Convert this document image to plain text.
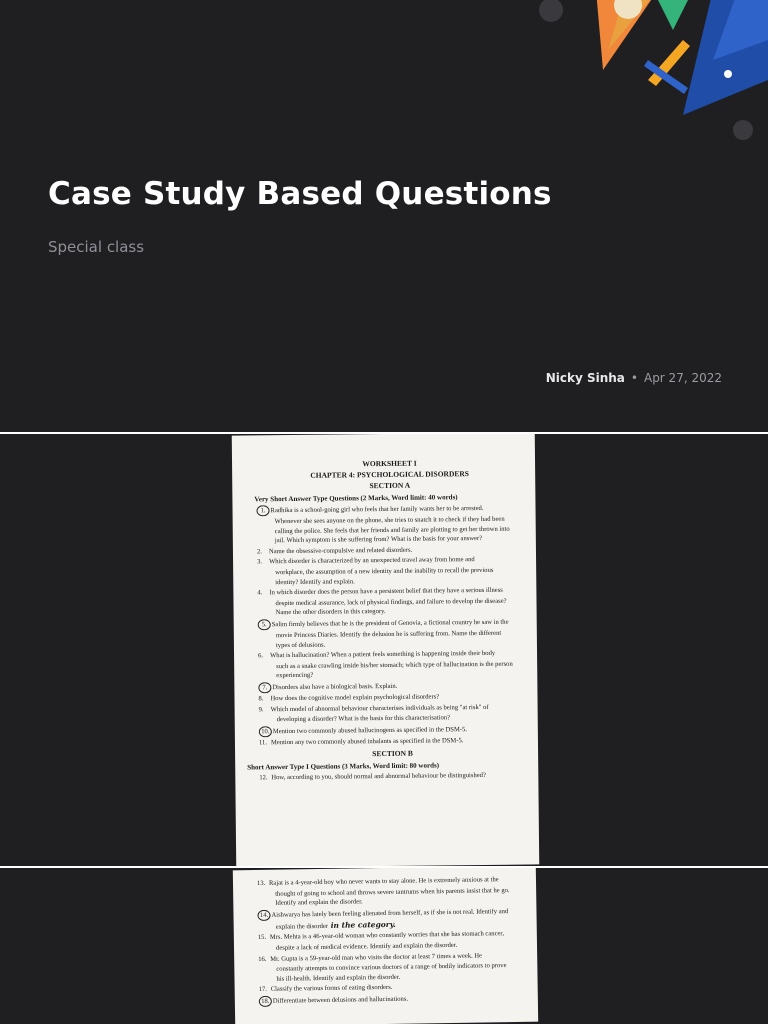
Case Study Based Questions
Special class
Nicky Sinha • Apr 27, 2022
WORKSHEET I
CHAPTER 4: PSYCHOLOGICAL DISORDERS
SECTION A
Very Short Answer Type Questions (2 Marks, Word limit: 40 words)
1. Radhika is a school-going girl who feels that her family wants her to be arrested.
Whenever she sees anyone on the phone, she tries to snatch it to check if they had been
calling the police. She feels that her friends and family are plotting to get her thrown into
jail. Which symptom is she suffering from? What is the basis for your answer?
2. Name the obsessive-compulsive and related disorders.
3. Which disorder is characterized by an unexpected travel away from home and
workplace, the assumption of a new identity and the inability to recall the previous
identity? Identify and explain.
4. In which disorder does the person have a persistent belief that they have a serious illness
despite medical assurance, lack of physical findings, and failure to develop the disease?
Name the other disorders in this category.
5. Salim firmly believes that he is the president of Genovia, a fictional country he saw in the
movie Princess Diaries. Identify the delusion he is suffering from. Name the different
types of delusions.
6. What is hallucination? When a patient feels something is happening inside their body
such as a snake crawling inside his/her stomach; which type of hallucination is the person
experiencing?
7. Disorders also have a biological basis. Explain.
8. How does the cognitive model explain psychological disorders?
9. Which model of abnormal behaviour characterises individuals as being "at risk" of
developing a disorder? What is the basis for this characterisation?
10. Mention two commonly abused hallucinogens as specified in the DSM-5.
11. Mention any two commonly abused inhalants as specified in the DSM-5.
SECTION B
Short Answer Type I Questions (3 Marks, Word limit: 80 words)
12. How, according to you, should normal and abnormal behaviour be distinguished?
13. Rajat is a 4-year-old boy who never wants to stay alone. He is extremely anxious at the
thought of going to school and throws severe tantrums when his parents insist that he go.
Identify and explain the disorder.
14. Aishwarya has lately been feeling alienated from herself, as if she is not real. Identify and
explain the disorder in the category.
15. Mrs. Mehta is a 46-year-old woman who constantly worries that she has stomach cancer,
despite a lack of medical evidence. Identify and explain the disorder.
16. Mr. Gupta is a 59-year-old man who visits the doctor at least 7 times a week. He
constantly attempts to convince various doctors of a range of bodily indicators to prove
his ill-health. Identify and explain the disorder.
17. Classify the various forms of eating disorders.
18. Differentiate between delusions and hallucinations.
